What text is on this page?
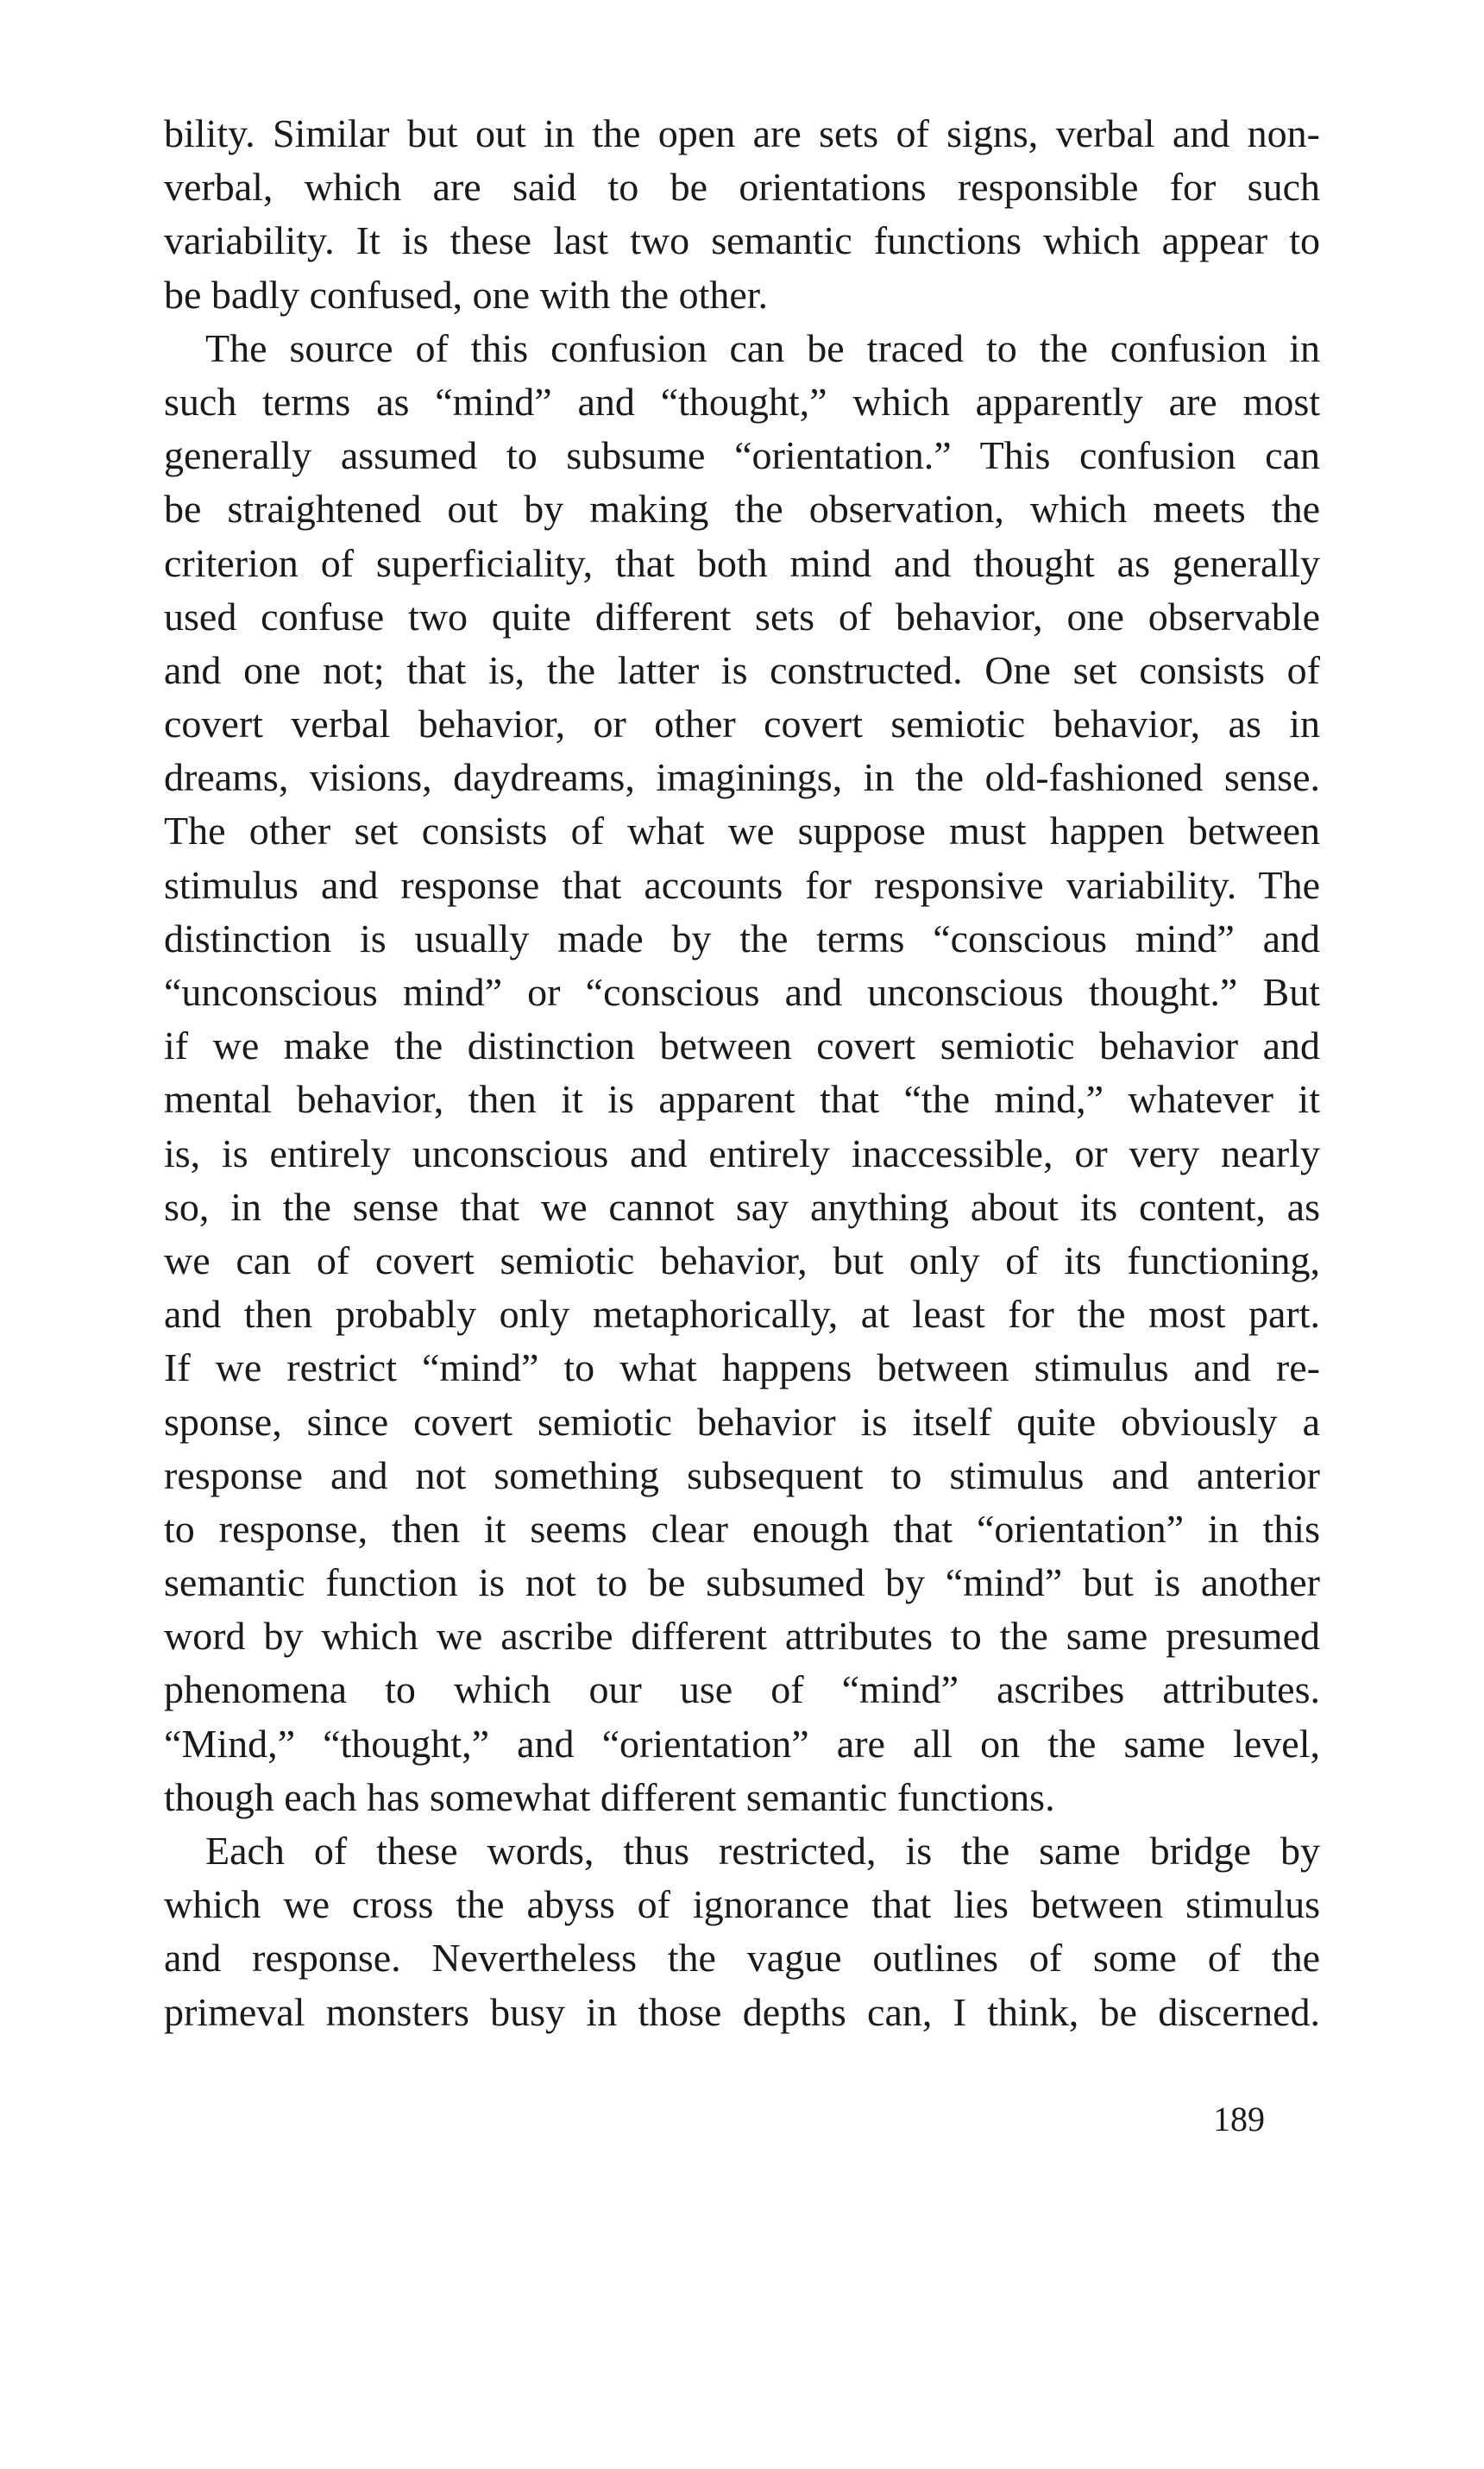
bility. Similar but out in the open are sets of signs, verbal and non-
verbal, which are said to be orientations responsible for such
variability. It is these last two semantic functions which appear to
be badly confused, one with the other.
The source of this confusion can be traced to the confusion in
such terms as “mind” and “thought,” which apparently are most
generally assumed to subsume “orientation.” This confusion can
be straightened out by making the observation, which meets the
criterion of superficiality, that both mind and thought as generally
used confuse two quite different sets of behavior, one observable
and one not; that is, the latter is constructed. One set consists of
covert verbal behavior, or other covert semiotic behavior, as in
dreams, visions, daydreams, imaginings, in the old-fashioned sense.
The other set consists of what we suppose must happen between
stimulus and response that accounts for responsive variability. The
distinction is usually made by the terms “conscious mind” and
“unconscious mind” or “conscious and unconscious thought.” But
if we make the distinction between covert semiotic behavior and
mental behavior, then it is apparent that “the mind,” whatever it
is, is entirely unconscious and entirely inaccessible, or very nearly
so, in the sense that we cannot say anything about its content, as
we can of covert semiotic behavior, but only of its functioning,
and then probably only metaphorically, at least for the most part.
If we restrict “mind” to what happens between stimulus and re-
sponse, since covert semiotic behavior is itself quite obviously a
response and not something subsequent to stimulus and anterior
to response, then it seems clear enough that “orientation” in this
semantic function is not to be subsumed by “mind” but is another
word by which we ascribe different attributes to the same presumed
phenomena to which our use of “mind” ascribes attributes.
“Mind,” “thought,” and “orientation” are all on the same level,
though each has somewhat different semantic functions.
Each of these words, thus restricted, is the same bridge by
which we cross the abyss of ignorance that lies between stimulus
and response. Nevertheless the vague outlines of some of the
primeval monsters busy in those depths can, I think, be discerned.
189
